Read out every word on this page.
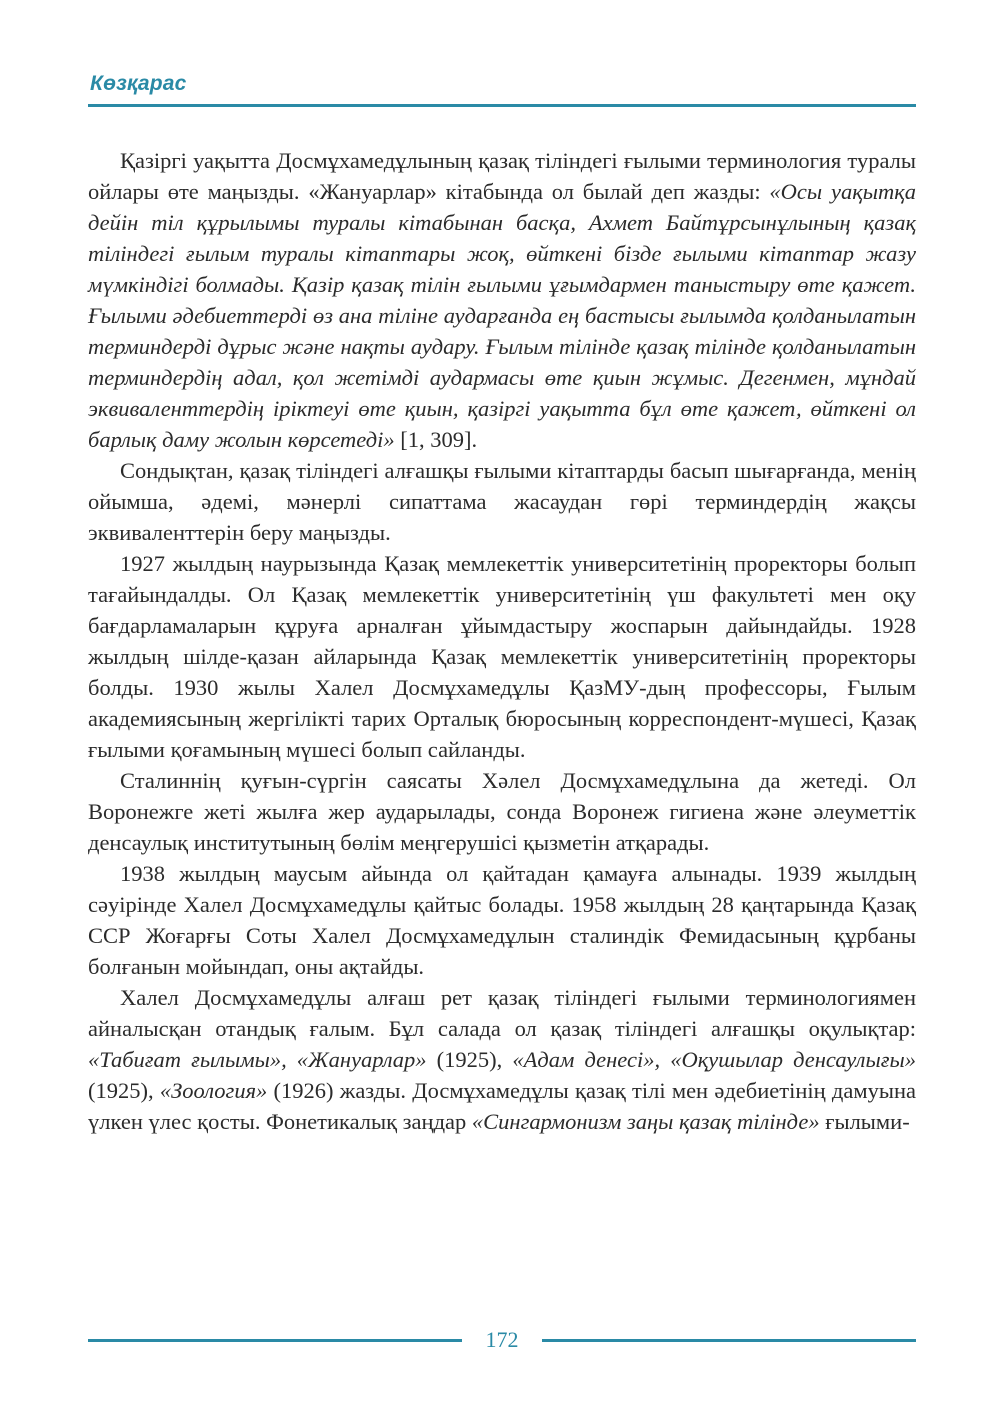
Көзқарас

Қазіргі уақытта Досмұхамедұлының қазақ тіліндегі ғылыми терминология туралы ойлары өте маңызды. «Жануарлар» кітабында ол былай деп жазды: «Осы уақытқа дейін тіл құрылымы туралы кітабынан басқа, Ахмет Байтұрсынұлының қазақ тіліндегі ғылым туралы кітаптары жоқ, өйткені бізде ғылыми кітаптар жазу мүмкіндігі болмады. Қазір қазақ тілін ғылыми ұғымдармен таныстыру өте қажет. Ғылыми әдебиеттерді өз ана тіліне аударғанда ең бастысы ғылымда қолданылатын терминдерді дұрыс және нақты аудару. Ғылым тілінде қазақ тілінде қолданылатын терминдердің адал, қол жетімді аудармасы өте қиын жұмыс. Дегенмен, мұндай эквиваленттердің іріктеуі өте қиын, қазіргі уақытта бұл өте қажет, өйткені ол барлық даму жолын көрсетеді» [1, 309].

Сондықтан, қазақ тіліндегі алғашқы ғылыми кітаптарды басып шығарғанда, менің ойымша, әдемі, мәнерлі сипаттама жасаудан гөрі терминдердің жақсы эквиваленттерін беру маңызды.

1927 жылдың наурызында Қазақ мемлекеттік университетінің проректоры болып тағайындалды. Ол Қазақ мемлекеттік университетінің үш факультеті мен оқу бағдарламаларын құруға арналған ұйымдастыру жоспарын дайындайды. 1928 жылдың шілде-қазан айларында Қазақ мемлекеттік университетінің проректоры болды. 1930 жылы Халел Досмұхамедұлы ҚазМУ-дың профессоры, Ғылым академиясының жергілікті тарих Орталық бюросының корреспондент-мүшесі, Қазақ ғылыми қоғамының мүшесі болып сайланды.

Сталиннің қуғын-сүргін саясаты Хәлел Досмұхамедұлына да жетеді. Ол Воронежге жеті жылға жер аударылады, сонда Воронеж гигиена және әлеуметтік денсаулық институтының бөлім меңгерушісі қызметін атқарады.

1938 жылдың маусым айында ол қайтадан қамауға алынады. 1939 жылдың сәуірінде Халел Досмұхамедұлы қайтыс болады. 1958 жылдың 28 қаңтарында Қазақ ССР Жоғарғы Соты Халел Досмұхамедұлын сталиндік Фемидасының құрбаны болғанын мойындап, оны ақтайды.

Халел Досмұхамедұлы алғаш рет қазақ тіліндегі ғылыми терминологиямен айналысқан отандық ғалым. Бұл салада ол қазақ тіліндегі алғашқы оқулықтар: «Табиғат ғылымы», «Жануарлар» (1925), «Адам денесі», «Оқушылар денсаулығы» (1925), «Зоология» (1926) жазды. Досмұхамедұлы қазақ тілі мен әдебиетінің дамуына үлкен үлес қосты. Фонетикалық заңдар «Сингармонизм заңы қазақ тілінде» ғылыми-

172
